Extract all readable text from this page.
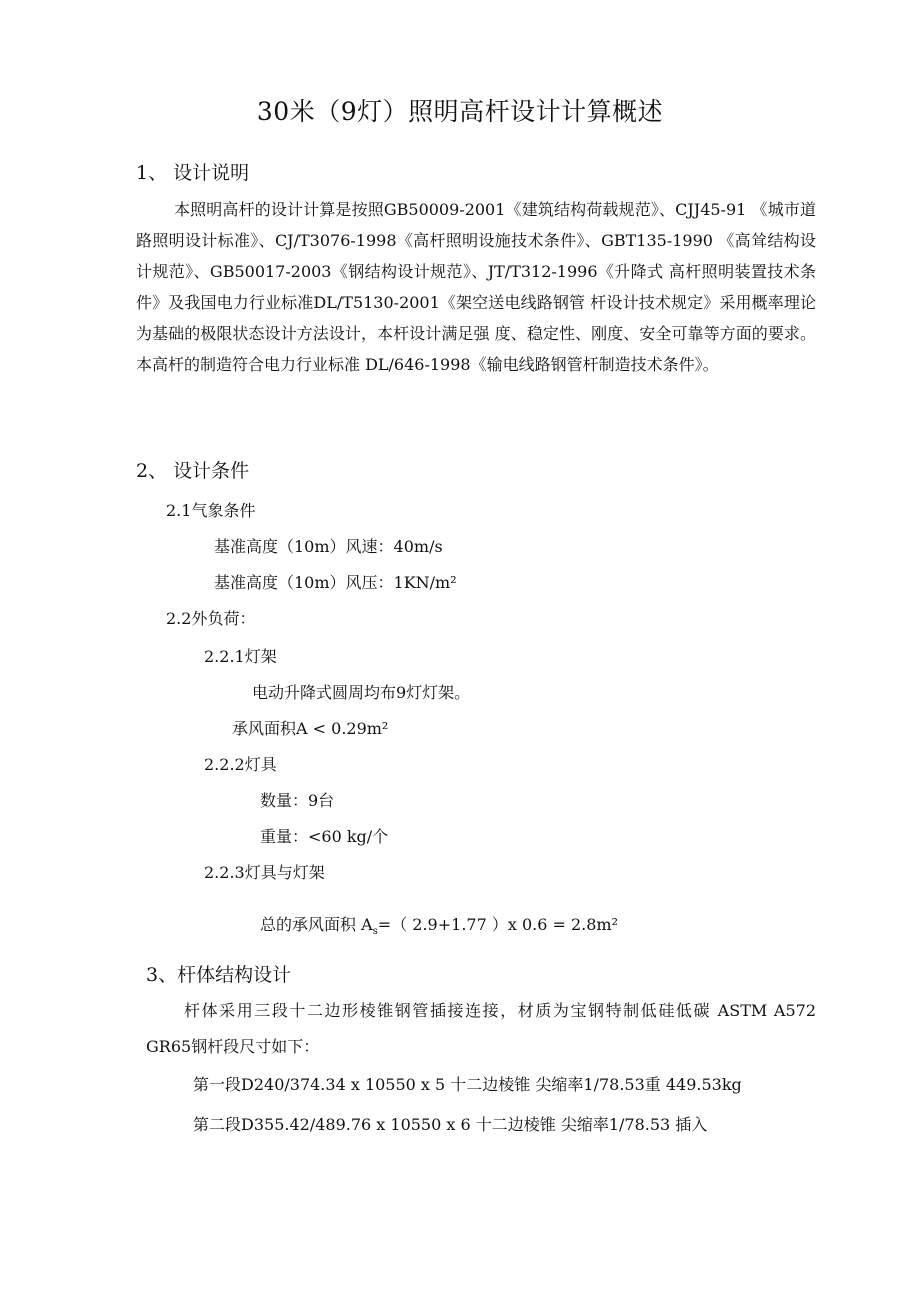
30米（9灯）照明高杆设计计算概述
1、 设计说明
本照明高杆的设计计算是按照GB50009-2001《建筑结构荷载规范》、CJJ45-91 《城市道路照明设计标准》、CJ/T3076-1998《高杆照明设施技术条件》、GBT135-1990 《高耸结构设计规范》、GB50017-2003《钢结构设计规范》、JT/T312-1996《升降式 高杆照明装置技术条件》及我国电力行业标准DL/T5130-2001《架空送电线路钢管 杆设计技术规定》采用概率理论为基础的极限状态设计方法设计，本杆设计满足强 度、稳定性、刚度、安全可靠等方面的要求。本高杆的制造符合电力行业标准 DL/646-1998《输电线路钢管杆制造技术条件》。
2、 设计条件
2.1气象条件
基准高度（10m）风速：40m/s
基准高度（10m）风压：1KN/m²
2.2外负荷：
2.2.1灯架
电动升降式圆周均布9灯灯架。
承风面积A < 0.29m²
2.2.2灯具
数量：9台
重量：<60 kg/个
2.2.3灯具与灯架
总的承风面积 $A_s=$（ 2.9+1.77 ）x 0.6 = 2.8m²
3、杆体结构设计
杆体采用三段十二边形棱锥钢管插接连接，材质为宝钢特制低硅低碳 ASTM A572 GR65钢杆段尺寸如下：
第一段D240/374.34 x 10550 x 5 十二边棱锥 尖缩率1/78.53重 449.53kg
第二段D355.42/489.76 x 10550 x 6 十二边棱锥 尖缩率1/78.53 插入
